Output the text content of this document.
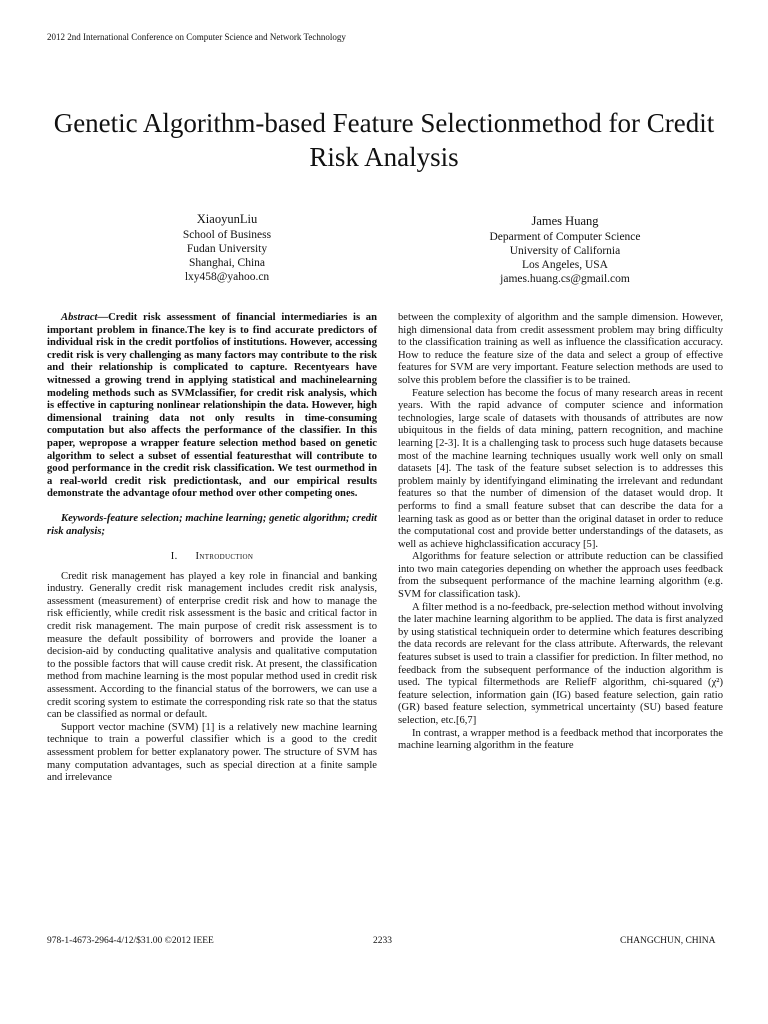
2012 2nd International Conference on Computer Science and Network Technology
Genetic Algorithm-based Feature Selectionmethod for Credit Risk Analysis
XiaoyunLiu
School of Business
Fudan University
Shanghai, China
lxy458@yahoo.cn
James Huang
Deparment of Computer Science
University of California
Los Angeles, USA
james.huang.cs@gmail.com

Abstract—Credit risk assessment of financial intermediaries is an important problem in finance.The key is to find accurate predictors of individual risk in the credit portfolios of institutions. However, accessing credit risk is very challenging as many factors may contribute to the risk and their relationship is complicated to capture. Recentyears have witnessed a growing trend in applying statistical and machinelearning modeling methods such as SVMclassifier, for credit risk analysis, which is effective in capturing nonlinear relationshipin the data. However, high dimensional training data not only results in time-consuming computation but also affects the performance of the classifier. In this paper, wepropose a wrapper feature selection method based on genetic algorithm to select a subset of essential featuresthat will contribute to good performance in the credit risk classification. We test ourmethod in a real-world credit risk predictiontask, and our empirical results demonstrate the advantage ofour method over other competing ones.

Keywords-feature selection; machine learning; genetic algorithm; credit risk analysis;

I. Introduction

Credit risk management has played a key role in financial and banking industry. Generally credit risk management includes credit risk analysis, assessment (measurement) of enterprise credit risk and how to manage the risk efficiently, while credit risk assessment is the basic and critical factor in credit risk management. The main purpose of credit risk assessment is to measure the default possibility of borrowers and provide the loaner a decision-aid by conducting qualitative analysis and qualitative computation to the possible factors that will cause credit risk. At present, the classification method from machine learning is the most popular method used in credit risk assessment. According to the financial status of the borrowers, we can use a credit scoring system to estimate the corresponding risk rate so that the status can be classified as normal or default.

Support vector machine (SVM) [1] is a relatively new machine learning technique to train a powerful classifier which is a good to the credit assessment problem for better explanatory power. The structure of SVM has many computation advantages, such as special direction at a finite sample and irrelevance

between the complexity of algorithm and the sample dimension. However, high dimensional data from credit assessment problem may bring difficulty to the classification training as well as influence the classification accuracy. How to reduce the feature size of the data and select a group of effective features for SVM are very important. Feature selection methods are used to solve this problem before the classifier is to be trained.

Feature selection has become the focus of many research areas in recent years. With the rapid advance of computer science and information technologies, large scale of datasets with thousands of attributes are now ubiquitous in the fields of data mining, pattern recognition, and machine learning [2-3]. It is a challenging task to process such huge datasets because most of the machine learning techniques usually work well only on small datasets [4]. The task of the feature subset selection is to addresses this problem mainly by identifyingand eliminating the irrelevant and redundant features so that the number of dimension of the dataset would drop. It performs to find a small feature subset that can describe the data for a learning task as good as or better than the original dataset in order to reduce the computational cost and provide better understandings of the datasets, as well as achieve highclassification accuracy [5].

Algorithms for feature selection or attribute reduction can be classified into two main categories depending on whether the approach uses feedback from the subsequent performance of the machine learning algorithm (e.g. SVM for classification task).

A filter method is a no-feedback, pre-selection method without involving the later machine learning algorithm to be applied. The data is first analyzed by using statistical techniquein order to determine which features describing the data records are relevant for the class attribute. Afterwards, the relevant features subset is used to train a classifier for prediction. In filter method, no feedback from the subsequent performance of the induction algorithm is used. The typical filtermethods are ReliefF algorithm, chi-squared (χ²) feature selection, information gain (IG) based feature selection, gain ratio (GR) based feature selection, symmetrical uncertainty (SU) based feature selection, etc.[6,7]

In contrast, a wrapper method is a feedback method that incorporates the machine learning algorithm in the feature

978-1-4673-2964-4/12/$31.00 ©2012 IEEE	2233	CHANGCHUN, CHINA
